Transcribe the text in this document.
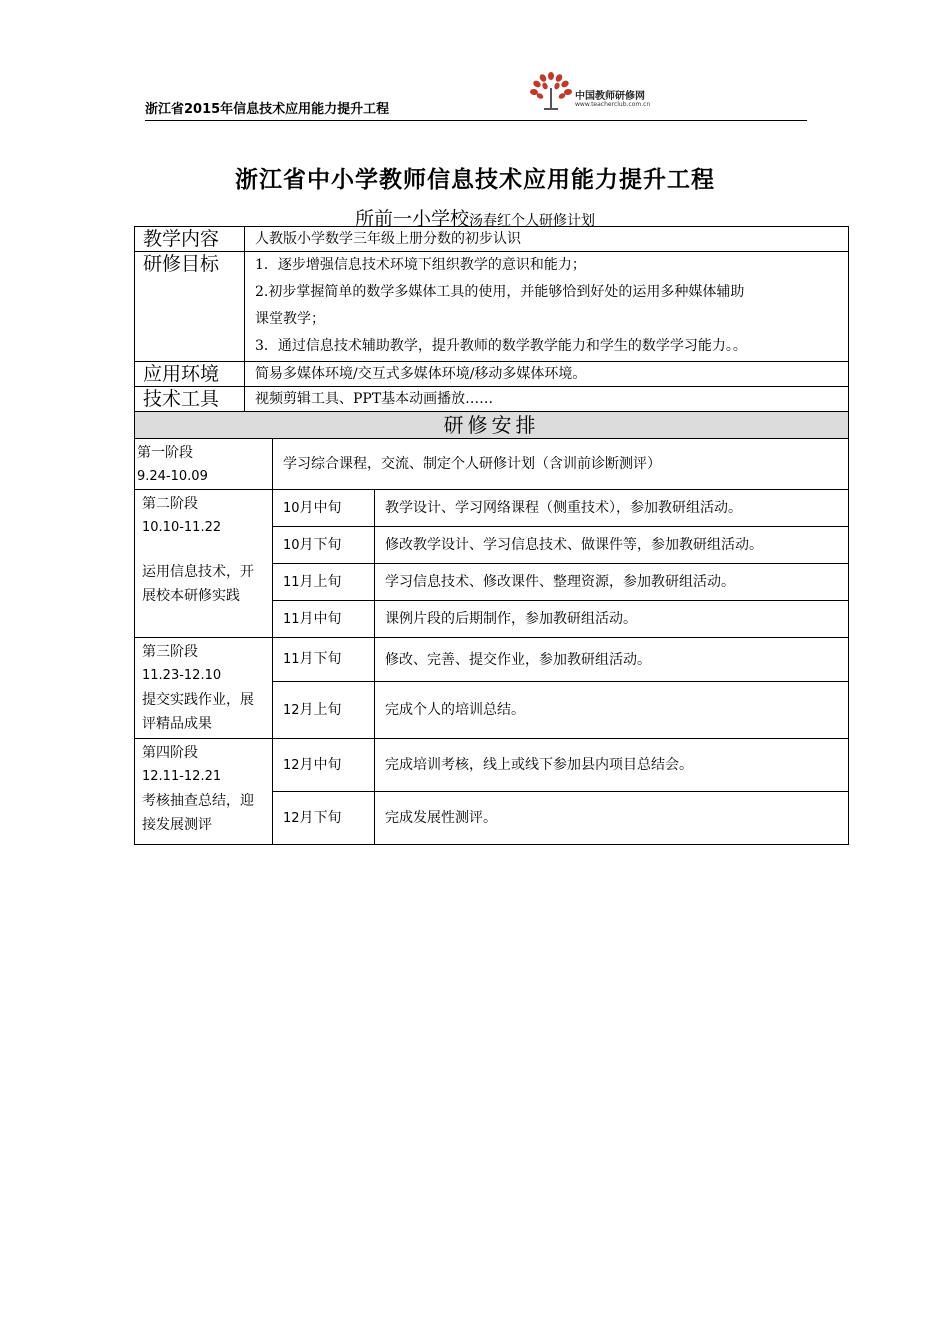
浙江省2015年信息技术应用能力提升工程
中国教师研修网
www.teacherclub.com.cn
浙江省中小学教师信息技术应用能力提升工程
所前一小学校汤春红个人研修计划
教学内容	人教版小学数学三年级上册分数的初步认识		
研修目标	1．逐步增强信息技术环境下组织教学的意识和能力；
2.初步掌握简单的数学多媒体工具的使用，并能够恰到好处的运用多种媒体辅助
课堂教学；
3．通过信息技术辅助教学，提升教师的数学教学能力和学生的数学学习能力。。		

应用环境	简易多媒体环境/交互式多媒体环境/移动多媒体环境。		
技术工具	视频剪辑工具、PPT基本动画播放……		
研修安排			

第一阶段
9.24-10.09		学习综合课程，交流、制定个人研修计划（含训前诊断测评）	

第二阶段
10.10-11.22
运用信息技术，开展校本研修实践		10月中旬	教学设计、学习网络课程（侧重技术），参加教研组活动。
		10月下旬	修改教学设计、学习信息技术、做课件等，参加教研组活动。
		11月上旬	学习信息技术、修改课件、整理资源，参加教研组活动。
		11月中旬	课例片段的后期制作，参加教研组活动。

第三阶段
11.23-12.10
提交实践作业，展评精品成果		11月下旬	修改、完善、提交作业，参加教研组活动。
		12月上旬	完成个人的培训总结。

第四阶段
12.11-12.21
考核抽查总结，迎接发展测评		12月中旬	完成培训考核，线上或线下参加县内项目总结会。
		12月下旬	完成发展性测评。
